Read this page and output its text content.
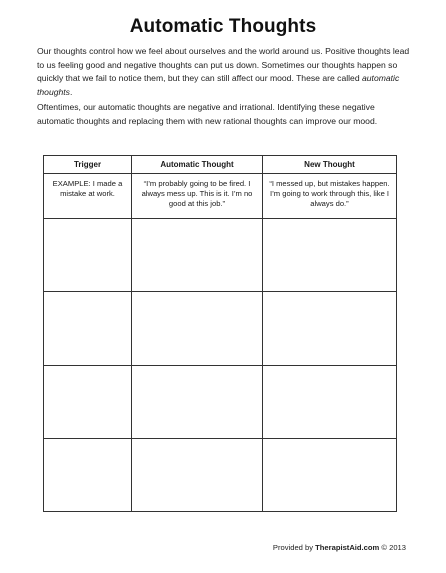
Automatic Thoughts

Our thoughts control how we feel about ourselves and the world around us. Positive thoughts lead to us feeling good and negative thoughts can put us down. Sometimes our thoughts happen so quickly that we fail to notice them, but they can still affect our mood. These are called automatic thoughts.

Oftentimes, our automatic thoughts are negative and irrational. Identifying these negative automatic thoughts and replacing them with new rational thoughts can improve our mood.

Trigger	Automatic Thought	New Thought
EXAMPLE: I made a mistake at work.	“I’m probably going to be fired. I always mess up. This is it. I’m no good at this job.”	“I messed up, but mistakes happen. I’m going to work through this, like I always do.”

Provided by TherapistAid.com © 2013
